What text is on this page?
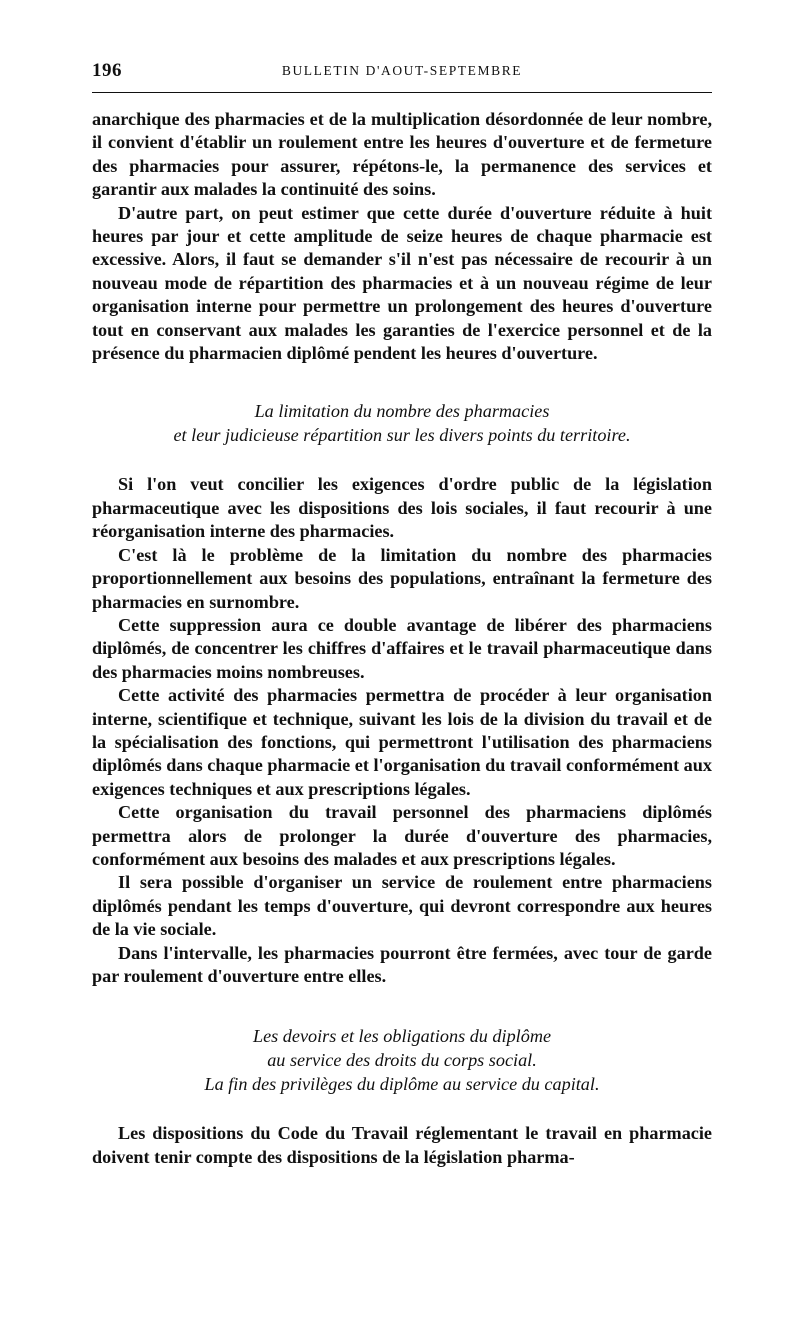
196	BULLETIN D'AOUT-SEPTEMBRE

anarchique des pharmacies et de la multiplication désordonnée de leur nombre, il convient d'établir un roulement entre les heures d'ouverture et de fermeture des pharmacies pour assurer, répétons-le, la permanence des services et garantir aux malades la continuité des soins.

D'autre part, on peut estimer que cette durée d'ouverture réduite à huit heures par jour et cette amplitude de seize heures de chaque pharmacie est excessive. Alors, il faut se demander s'il n'est pas nécessaire de recourir à un nouveau mode de répartition des pharmacies et à un nouveau régime de leur organisation interne pour permettre un prolongement des heures d'ouverture tout en conservant aux malades les garanties de l'exercice personnel et de la présence du pharmacien diplômé pendent les heures d'ouverture.

La limitation du nombre des pharmacies
et leur judicieuse répartition sur les divers points du territoire.

Si l'on veut concilier les exigences d'ordre public de la législation pharmaceutique avec les dispositions des lois sociales, il faut recourir à une réorganisation interne des pharmacies.

C'est là le problème de la limitation du nombre des pharmacies proportionnellement aux besoins des populations, entraînant la fermeture des pharmacies en surnombre.

Cette suppression aura ce double avantage de libérer des pharmaciens diplômés, de concentrer les chiffres d'affaires et le travail pharmaceutique dans des pharmacies moins nombreuses.

Cette activité des pharmacies permettra de procéder à leur organisation interne, scientifique et technique, suivant les lois de la division du travail et de la spécialisation des fonctions, qui permettront l'utilisation des pharmaciens diplômés dans chaque pharmacie et l'organisation du travail conformément aux exigences techniques et aux prescriptions légales.

Cette organisation du travail personnel des pharmaciens diplômés permettra alors de prolonger la durée d'ouverture des pharmacies, conformément aux besoins des malades et aux prescriptions légales.

Il sera possible d'organiser un service de roulement entre pharmaciens diplômés pendant les temps d'ouverture, qui devront correspondre aux heures de la vie sociale.

Dans l'intervalle, les pharmacies pourront être fermées, avec tour de garde par roulement d'ouverture entre elles.

Les devoirs et les obligations du diplôme
au service des droits du corps social.
La fin des privilèges du diplôme au service du capital.

Les dispositions du Code du Travail réglementant le travail en pharmacie doivent tenir compte des dispositions de la législation pharma-
